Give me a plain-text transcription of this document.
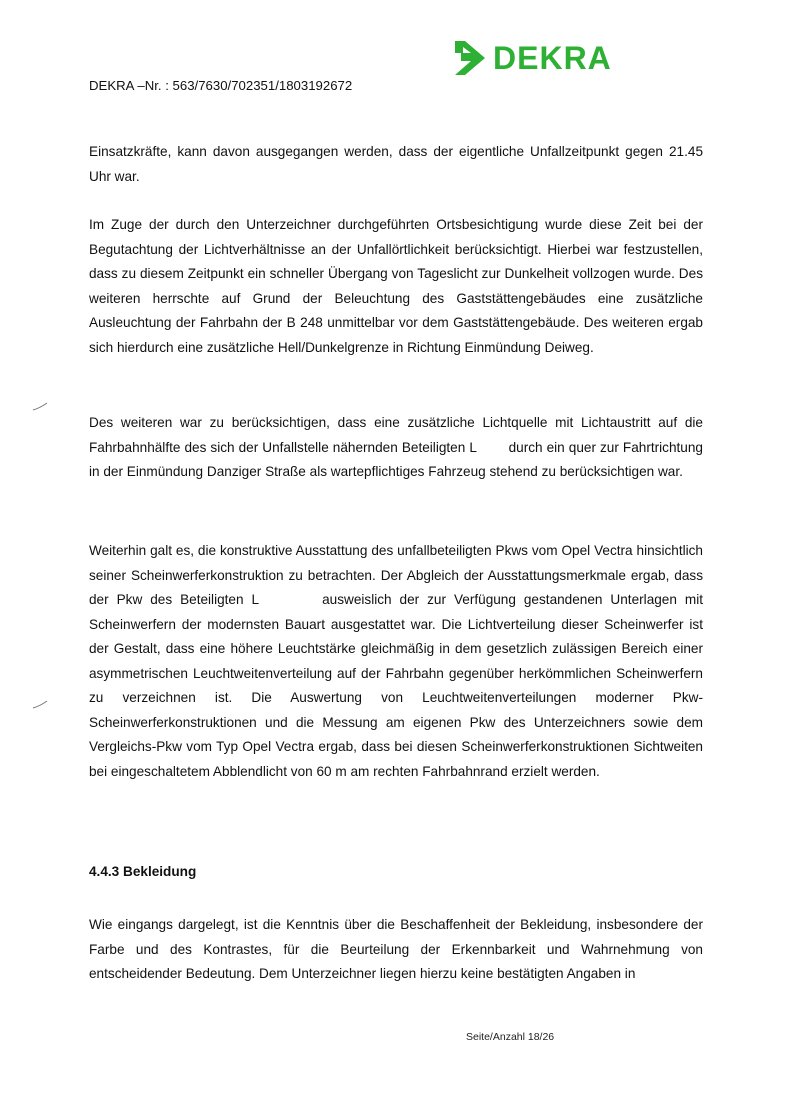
DEKRA
DEKRA –Nr. : 563/7630/702351/1803192672

Einsatzkräfte, kann davon ausgegangen werden, dass der eigentliche Unfallzeitpunkt gegen 21.45 Uhr war.

Im Zuge der durch den Unterzeichner durchgeführten Ortsbesichtigung wurde diese Zeit bei der Begutachtung der Lichtverhältnisse an der Unfallörtlichkeit berücksichtigt. Hierbei war festzustellen, dass zu diesem Zeitpunkt ein schneller Übergang von Tageslicht zur Dunkelheit vollzogen wurde. Des weiteren herrschte auf Grund der Beleuchtung des Gaststättengebäudes eine zusätzliche Ausleuchtung der Fahrbahn der B 248 unmittelbar vor dem Gaststättengebäude. Des weiteren ergab sich hierdurch eine zusätzliche Hell/Dunkelgrenze in Richtung Einmündung Deiweg.

Des weiteren war zu berücksichtigen, dass eine zusätzliche Lichtquelle mit Lichtaustritt auf die Fahrbahnhälfte des sich der Unfallstelle nähernden Beteiligten L        durch ein quer zur Fahrtrichtung in der Einmündung Danziger Straße als wartepflichtiges Fahrzeug stehend zu berücksichtigen war.

Weiterhin galt es, die konstruktive Ausstattung des unfallbeteiligten Pkws vom Opel Vectra hinsichtlich seiner Scheinwerferkonstruktion zu betrachten. Der Abgleich der Ausstattungsmerkmale ergab, dass der Pkw des Beteiligten L        ausweislich der zur Verfügung gestandenen Unterlagen mit Scheinwerfern der modernsten Bauart ausgestattet war. Die Lichtverteilung dieser Scheinwerfer ist der Gestalt, dass eine höhere Leuchtstärke gleichmäßig in dem gesetzlich zulässigen Bereich einer asymmetrischen Leuchtweitenverteilung auf der Fahrbahn gegenüber herkömmlichen Scheinwerfern zu verzeichnen ist. Die Auswertung von Leuchtweitenverteilungen moderner Pkw-Scheinwerferkonstruktionen und die Messung am eigenen Pkw des Unterzeichners sowie dem Vergleichs-Pkw vom Typ Opel Vectra ergab, dass bei diesen Scheinwerferkonstruktionen Sichtweiten bei eingeschaltetem Abblendlicht von 60 m am rechten Fahrbahnrand erzielt werden.

4.4.3 Bekleidung

Wie eingangs dargelegt, ist die Kenntnis über die Beschaffenheit der Bekleidung, insbesondere der Farbe und des Kontrastes, für die Beurteilung der Erkennbarkeit und Wahrnehmung von entscheidender Bedeutung. Dem Unterzeichner liegen hierzu keine bestätigten Angaben in

Seite/Anzahl 18/26
